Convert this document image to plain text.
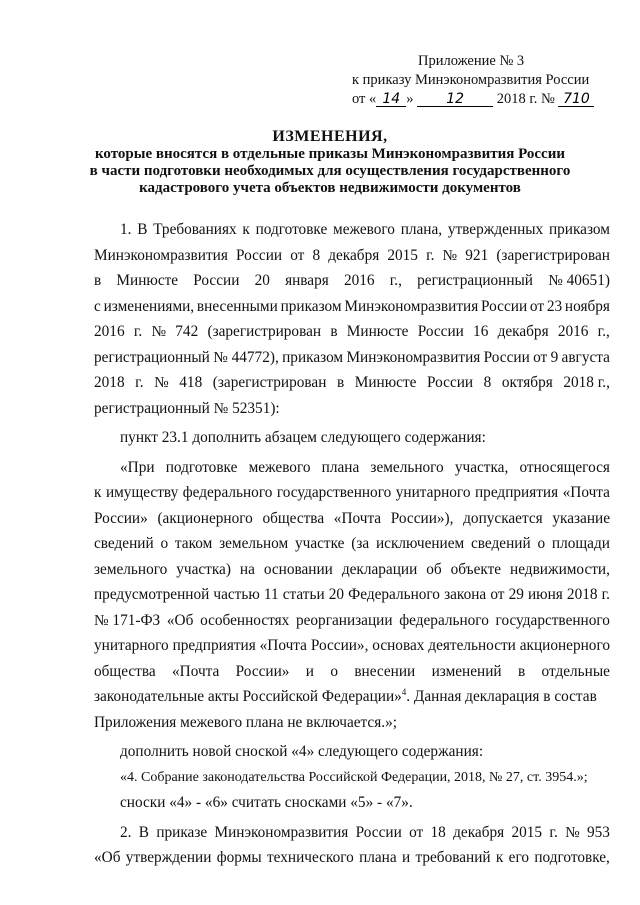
Приложение № 3
к приказу Минэкономразвития России
от « 14 » 12 2018 г. № 710
ИЗМЕНЕНИЯ,
которые вносятся в отдельные приказы Минэкономразвития России
в части подготовки необходимых для осуществления государственного
кадастрового учета объектов недвижимости документов
1. В Требованиях к подготовке межевого плана, утвержденных приказом
Минэкономразвития России от 8 декабря 2015 г. № 921 (зарегистрирован
в Минюсте России 20 января 2016 г., регистрационный № 40651)
с изменениями, внесенными приказом Минэкономразвития России от 23 ноября
2016 г. № 742 (зарегистрирован в Минюсте России 16 декабря 2016 г.,
регистрационный № 44772), приказом Минэкономразвития России от 9 августа
2018 г. № 418 (зарегистрирован в Минюсте России 8 октября 2018 г.,
регистрационный № 52351):
пункт 23.1 дополнить абзацем следующего содержания:
«При подготовке межевого плана земельного участка, относящегося
к имуществу федерального государственного унитарного предприятия «Почта
России» (акционерного общества «Почта России»), допускается указание
сведений о таком земельном участке (за исключением сведений о площади
земельного участка) на основании декларации об объекте недвижимости,
предусмотренной частью 11 статьи 20 Федерального закона от 29 июня 2018 г.
№ 171-ФЗ «Об особенностях реорганизации федерального государственного
унитарного предприятия «Почта России», основах деятельности акционерного
общества «Почта России» и о внесении изменений в отдельные
законодательные акты Российской Федерации»$^4$. Данная декларация в состав
Приложения межевого плана не включается.»;
дополнить новой сноской «4» следующего содержания:
«4. Собрание законодательства Российской Федерации, 2018, № 27, ст. 3954.»;
сноски «4» - «6» считать сносками «5» - «7».
2. В приказе Минэкономразвития России от 18 декабря 2015 г. № 953
«Об утверждении формы технического плана и требований к его подготовке,
